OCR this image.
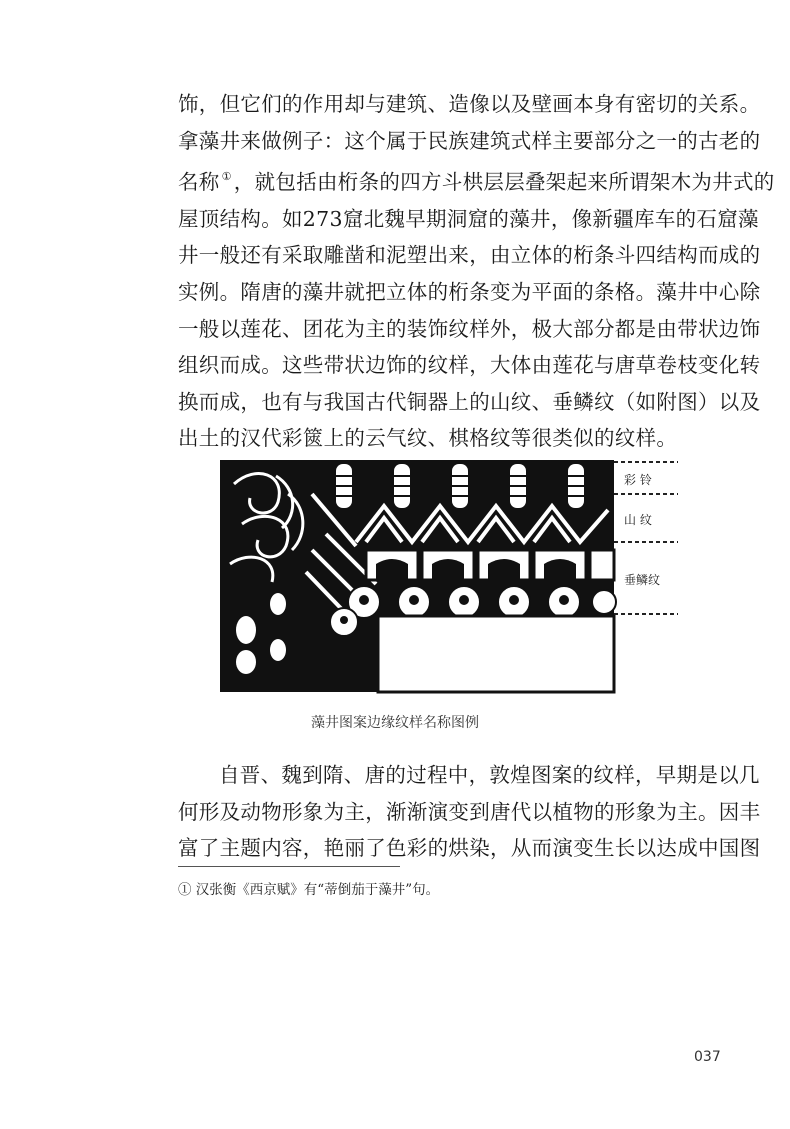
饰，但它们的作用却与建筑、造像以及壁画本身有密切的关系。
拿藻井来做例子：这个属于民族建筑式样主要部分之一的古老的
名称 ①，就包括由桁条的四方斗栱层层叠架起来所谓架木为井式的
屋顶结构。如273窟北魏早期洞窟的藻井，像新疆库车的石窟藻
井一般还有采取雕凿和泥塑出来，由立体的桁条斗四结构而成的
实例。隋唐的藻井就把立体的桁条变为平面的条格。藻井中心除
一般以莲花、团花为主的装饰纹样外，极大部分都是由带状边饰
组织而成。这些带状边饰的纹样，大体由莲花与唐草卷枝变化转
换而成，也有与我国古代铜器上的山纹、垂鳞纹（如附图）以及
出土的汉代彩篋上的云气纹、棋格纹等很类似的纹样。
彩 铃
山 纹
垂鳞纹
藻井图案边缘纹样名称图例
自晋、魏到隋、唐的过程中，敦煌图案的纹样，早期是以几
何形及动物形象为主，渐渐演变到唐代以植物的形象为主。因丰
富了主题内容，艳丽了色彩的烘染，从而演变生长以达成中国图
① 汉张衡《西京赋》有“蒂倒茄于藻井”句。
037
